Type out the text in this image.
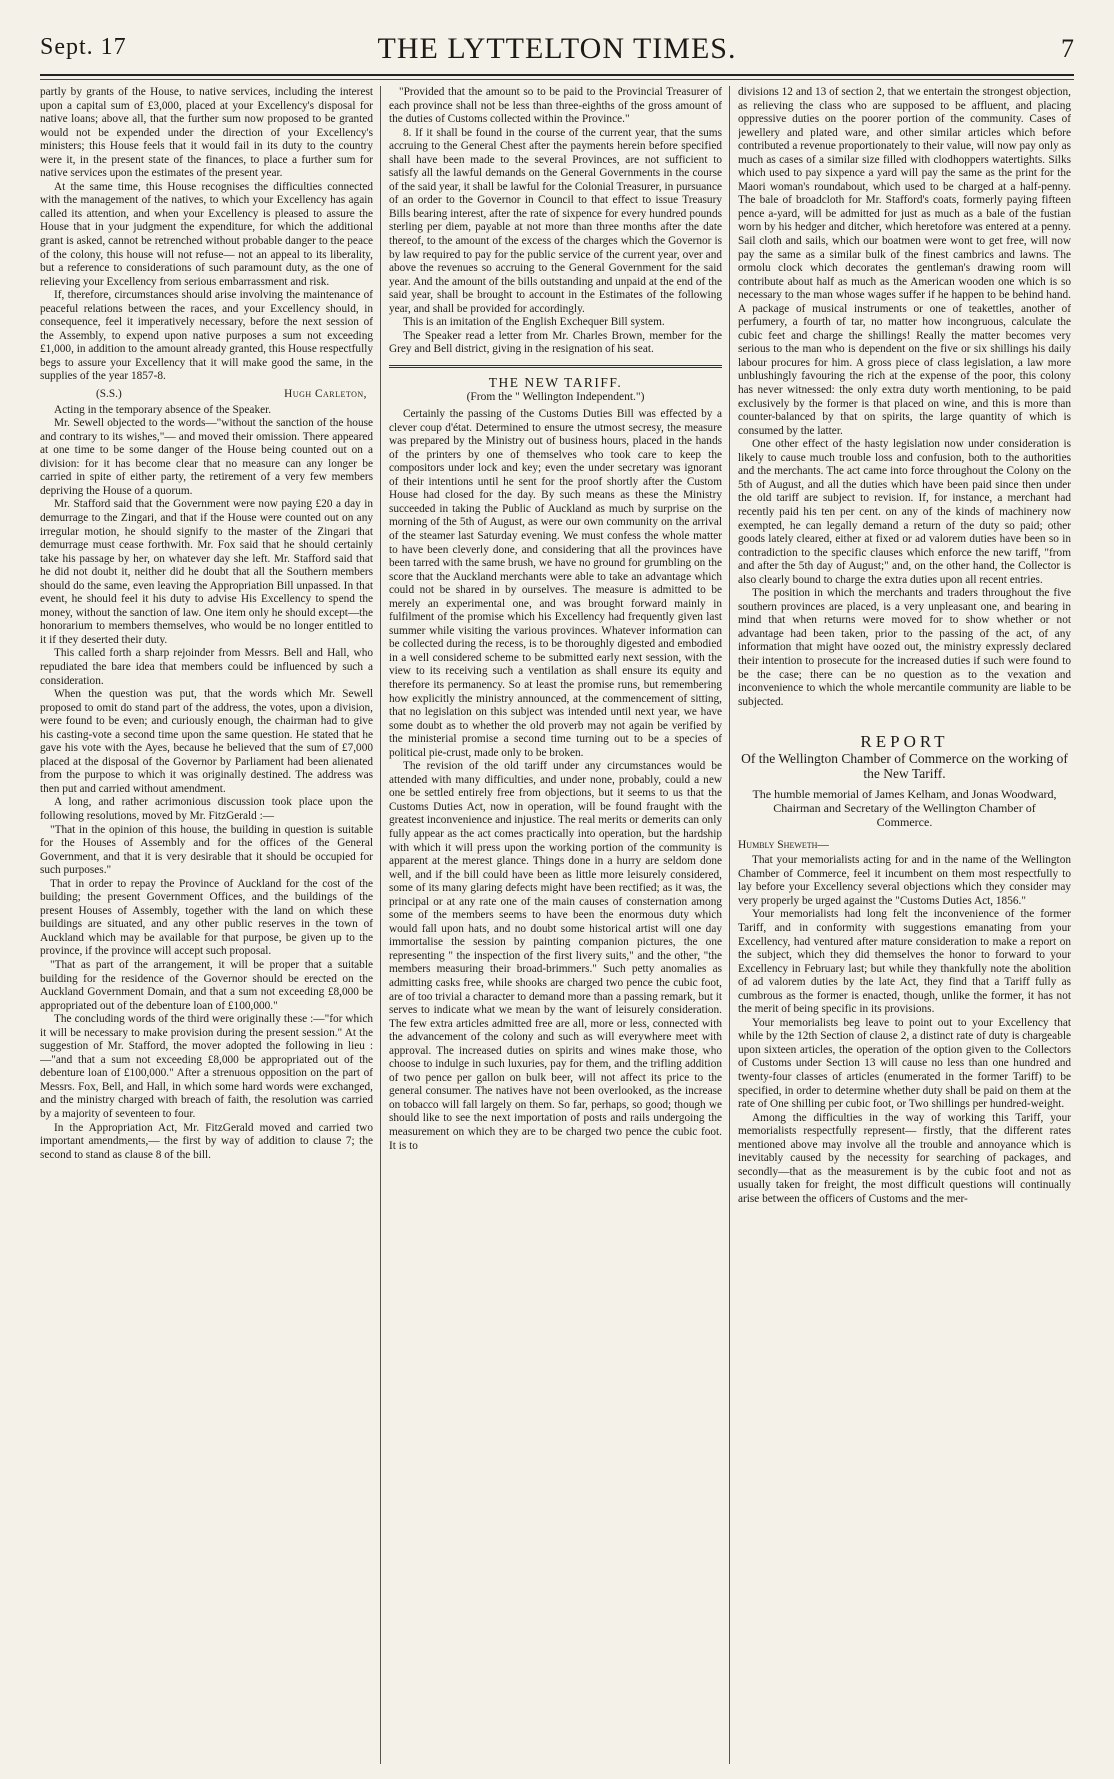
Sept. 17	THE LYTTELTON TIMES.	7

partly by grants of the House, to native services, including the interest upon a capital sum of £3,000, placed at your Excellency's disposal for native loans; above all, that the further sum now proposed to be granted would not be expended under the direction of your Excellency's ministers; this House feels that it would fail in its duty to the country were it, in the present state of the finances, to place a further sum for native services upon the estimates of the present year.

At the same time, this House recognises the difficulties connected with the management of the natives, to which your Excellency has again called its attention, and when your Excellency is pleased to assure the House that in your judgment the expenditure, for which the additional grant is asked, cannot be retrenched without probable danger to the peace of the colony, this house will not refuse— not an appeal to its liberality, but a reference to considerations of such paramount duty, as the one of relieving your Excellency from serious embarrassment and risk.

If, therefore, circumstances should arise involving the maintenance of peaceful relations between the races, and your Excellency should, in consequence, feel it imperatively necessary, before the next session of the Assembly, to expend upon native purposes a sum not exceeding £1,000, in addition to the amount already granted, this House respectfully begs to assure your Excellency that it will make good the same, in the supplies of the year 1857-8.

(S.S.)	Hugh Carleton,

Acting in the temporary absence of the Speaker.

Mr. Sewell objected to the words—"without the sanction of the house and contrary to its wishes,"— and moved their omission. There appeared at one time to be some danger of the House being counted out on a division: for it has become clear that no measure can any longer be carried in spite of either party, the retirement of a very few members depriving the House of a quorum.

Mr. Stafford said that the Government were now paying £20 a day in demurrage to the Zingari, and that if the House were counted out on any irregular motion, he should signify to the master of the Zingari that demurrage must cease forthwith. Mr. Fox said that he should certainly take his passage by her, on whatever day she left. Mr. Stafford said that he did not doubt it, neither did he doubt that all the Southern members should do the same, even leaving the Appropriation Bill unpassed. In that event, he should feel it his duty to advise His Excellency to spend the money, without the sanction of law. One item only he should except—the honorarium to members themselves, who would be no longer entitled to it if they deserted their duty.

This called forth a sharp rejoinder from Messrs. Bell and Hall, who repudiated the bare idea that members could be influenced by such a consideration.

When the question was put, that the words which Mr. Sewell proposed to omit do stand part of the address, the votes, upon a division, were found to be even; and curiously enough, the chairman had to give his casting-vote a second time upon the same question. He stated that he gave his vote with the Ayes, because he believed that the sum of £7,000 placed at the disposal of the Governor by Parliament had been alienated from the purpose to which it was originally destined. The address was then put and carried without amendment.

A long, and rather acrimonious discussion took place upon the following resolutions, moved by Mr. FitzGerald :—

"That in the opinion of this house, the building in question is suitable for the Houses of Assembly and for the offices of the General Government, and that it is very desirable that it should be occupied for such purposes."

That in order to repay the Province of Auckland for the cost of the building; the present Government Offices, and the buildings of the present Houses of Assembly, together with the land on which these buildings are situated, and any other public reserves in the town of Auckland which may be available for that purpose, be given up to the province, if the province will accept such proposal.

"That as part of the arrangement, it will be proper that a suitable building for the residence of the Governor should be erected on the Auckland Government Domain, and that a sum not exceeding £8,000 be appropriated out of the debenture loan of £100,000."

The concluding words of the third were originally these :—"for which it will be necessary to make provision during the present session." At the suggestion of Mr. Stafford, the mover adopted the following in lieu :—"and that a sum not exceeding £8,000 be appropriated out of the debenture loan of £100,000." After a strenuous opposition on the part of Messrs. Fox, Bell, and Hall, in which some hard words were exchanged, and the ministry charged with breach of faith, the resolution was carried by a majority of seventeen to four.

In the Appropriation Act, Mr. FitzGerald moved and carried two important amendments,— the first by way of addition to clause 7; the second to stand as clause 8 of the bill.

"Provided that the amount so to be paid to the Provincial Treasurer of each province shall not be less than three-eighths of the gross amount of the duties of Customs collected within the Province."

8. If it shall be found in the course of the current year, that the sums accruing to the General Chest after the payments herein before specified shall have been made to the several Provinces, are not sufficient to satisfy all the lawful demands on the General Governments in the course of the said year, it shall be lawful for the Colonial Treasurer, in pursuance of an order to the Governor in Council to that effect to issue Treasury Bills bearing interest, after the rate of sixpence for every hundred pounds sterling per diem, payable at not more than three months after the date thereof, to the amount of the excess of the charges which the Governor is by law required to pay for the public service of the current year, over and above the revenues so accruing to the General Government for the said year. And the amount of the bills outstanding and unpaid at the end of the said year, shall be brought to account in the Estimates of the following year, and shall be provided for accordingly.

This is an imitation of the English Exchequer Bill system.

The Speaker read a letter from Mr. Charles Brown, member for the Grey and Bell district, giving in the resignation of his seat.

THE NEW TARIFF.
(From the " Wellington Independent.")

Certainly the passing of the Customs Duties Bill was effected by a clever coup d'état. Determined to ensure the utmost secresy, the measure was prepared by the Ministry out of business hours, placed in the hands of the printers by one of themselves who took care to keep the compositors under lock and key; even the under secretary was ignorant of their intentions until he sent for the proof shortly after the Custom House had closed for the day. By such means as these the Ministry succeeded in taking the Public of Auckland as much by surprise on the morning of the 5th of August, as were our own community on the arrival of the steamer last Saturday evening. We must confess the whole matter to have been cleverly done, and considering that all the provinces have been tarred with the same brush, we have no ground for grumbling on the score that the Auckland merchants were able to take an advantage which could not be shared in by ourselves. The measure is admitted to be merely an experimental one, and was brought forward mainly in fulfilment of the promise which his Excellency had frequently given last summer while visiting the various provinces. Whatever information can be collected during the recess, is to be thoroughly digested and embodied in a well considered scheme to be submitted early next session, with the view to its receiving such a ventilation as shall ensure its equity and therefore its permanency. So at least the promise runs, but remembering how explicitly the ministry announced, at the commencement of sitting, that no legislation on this subject was intended until next year, we have some doubt as to whether the old proverb may not again be verified by the ministerial promise a second time turning out to be a species of political pie-crust, made only to be broken.

The revision of the old tariff under any circumstances would be attended with many difficulties, and under none, probably, could a new one be settled entirely free from objections, but it seems to us that the Customs Duties Act, now in operation, will be found fraught with the greatest inconvenience and injustice. The real merits or demerits can only fully appear as the act comes practically into operation, but the hardship with which it will press upon the working portion of the community is apparent at the merest glance. Things done in a hurry are seldom done well, and if the bill could have been as little more leisurely considered, some of its many glaring defects might have been rectified; as it was, the principal or at any rate one of the main causes of consternation among some of the members seems to have been the enormous duty which would fall upon hats, and no doubt some historical artist will one day immortalise the session by painting companion pictures, the one representing " the inspection of the first livery suits," and the other, "the members measuring their broad-brimmers." Such petty anomalies as admitting casks free, while shooks are charged two pence the cubic foot, are of too trivial a character to demand more than a passing remark, but it serves to indicate what we mean by the want of leisurely consideration. The few extra articles admitted free are all, more or less, connected with the advancement of the colony and such as will everywhere meet with approval. The increased duties on spirits and wines make those, who choose to indulge in such luxuries, pay for them, and the trifling addition of two pence per gallon on bulk beer, will not affect its price to the general consumer. The natives have not been overlooked, as the increase on tobacco will fall largely on them. So far, perhaps, so good; though we should like to see the next importation of posts and rails undergoing the measurement on which they are to be charged two pence the cubic foot. It is to

divisions 12 and 13 of section 2, that we entertain the strongest objection, as relieving the class who are supposed to be affluent, and placing oppressive duties on the poorer portion of the community. Cases of jewellery and plated ware, and other similar articles which before contributed a revenue proportionately to their value, will now pay only as much as cases of a similar size filled with clodhoppers watertights. Silks which used to pay sixpence a yard will pay the same as the print for the Maori woman's roundabout, which used to be charged at a half-penny. The bale of broadcloth for Mr. Stafford's coats, formerly paying fifteen pence a-yard, will be admitted for just as much as a bale of the fustian worn by his hedger and ditcher, which heretofore was entered at a penny. Sail cloth and sails, which our boatmen were wont to get free, will now pay the same as a similar bulk of the finest cambrics and lawns. The ormolu clock which decorates the gentleman's drawing room will contribute about half as much as the American wooden one which is so necessary to the man whose wages suffer if he happen to be behind hand. A package of musical instruments or one of teakettles, another of perfumery, a fourth of tar, no matter how incongruous, calculate the cubic feet and charge the shillings! Really the matter becomes very serious to the man who is dependent on the five or six shillings his daily labour procures for him. A gross piece of class legislation, a law more unblushingly favouring the rich at the expense of the poor, this colony has never witnessed: the only extra duty worth mentioning, to be paid exclusively by the former is that placed on wine, and this is more than counter-balanced by that on spirits, the large quantity of which is consumed by the latter.

One other effect of the hasty legislation now under consideration is likely to cause much trouble loss and confusion, both to the authorities and the merchants. The act came into force throughout the Colony on the 5th of August, and all the duties which have been paid since then under the old tariff are subject to revision. If, for instance, a merchant had recently paid his ten per cent. on any of the kinds of machinery now exempted, he can legally demand a return of the duty so paid; other goods lately cleared, either at fixed or ad valorem duties have been so in contradiction to the specific clauses which enforce the new tariff, "from and after the 5th day of August;" and, on the other hand, the Collector is also clearly bound to charge the extra duties upon all recent entries.

The position in which the merchants and traders throughout the five southern provinces are placed, is a very unpleasant one, and bearing in mind that when returns were moved for to show whether or not advantage had been taken, prior to the passing of the act, of any information that might have oozed out, the ministry expressly declared their intention to prosecute for the increased duties if such were found to be the case; there can be no question as to the vexation and inconvenience to which the whole mercantile community are liable to be subjected.

REPORT
Of the Wellington Chamber of Commerce on the working of the New Tariff.
The humble memorial of James Kelham, and Jonas Woodward, Chairman and Secretary of the Wellington Chamber of Commerce.

Humbly Sheweth—

That your memorialists acting for and in the name of the Wellington Chamber of Commerce, feel it incumbent on them most respectfully to lay before your Excellency several objections which they consider may very properly be urged against the "Customs Duties Act, 1856."

Your memorialists had long felt the inconvenience of the former Tariff, and in conformity with suggestions emanating from your Excellency, had ventured after mature consideration to make a report on the subject, which they did themselves the honor to forward to your Excellency in February last; but while they thankfully note the abolition of ad valorem duties by the late Act, they find that a Tariff fully as cumbrous as the former is enacted, though, unlike the former, it has not the merit of being specific in its provisions.

Your memorialists beg leave to point out to your Excellency that while by the 12th Section of clause 2, a distinct rate of duty is chargeable upon sixteen articles, the operation of the option given to the Collectors of Customs under Section 13 will cause no less than one hundred and twenty-four classes of articles (enumerated in the former Tariff) to be specified, in order to determine whether duty shall be paid on them at the rate of One shilling per cubic foot, or Two shillings per hundred-weight.

Among the difficulties in the way of working this Tariff, your memorialists respectfully represent— firstly, that the different rates mentioned above may involve all the trouble and annoyance which is inevitably caused by the necessity for searching of packages, and secondly—that as the measurement is by the cubic foot and not as usually taken for freight, the most difficult questions will continually arise between the officers of Customs and the mer-
